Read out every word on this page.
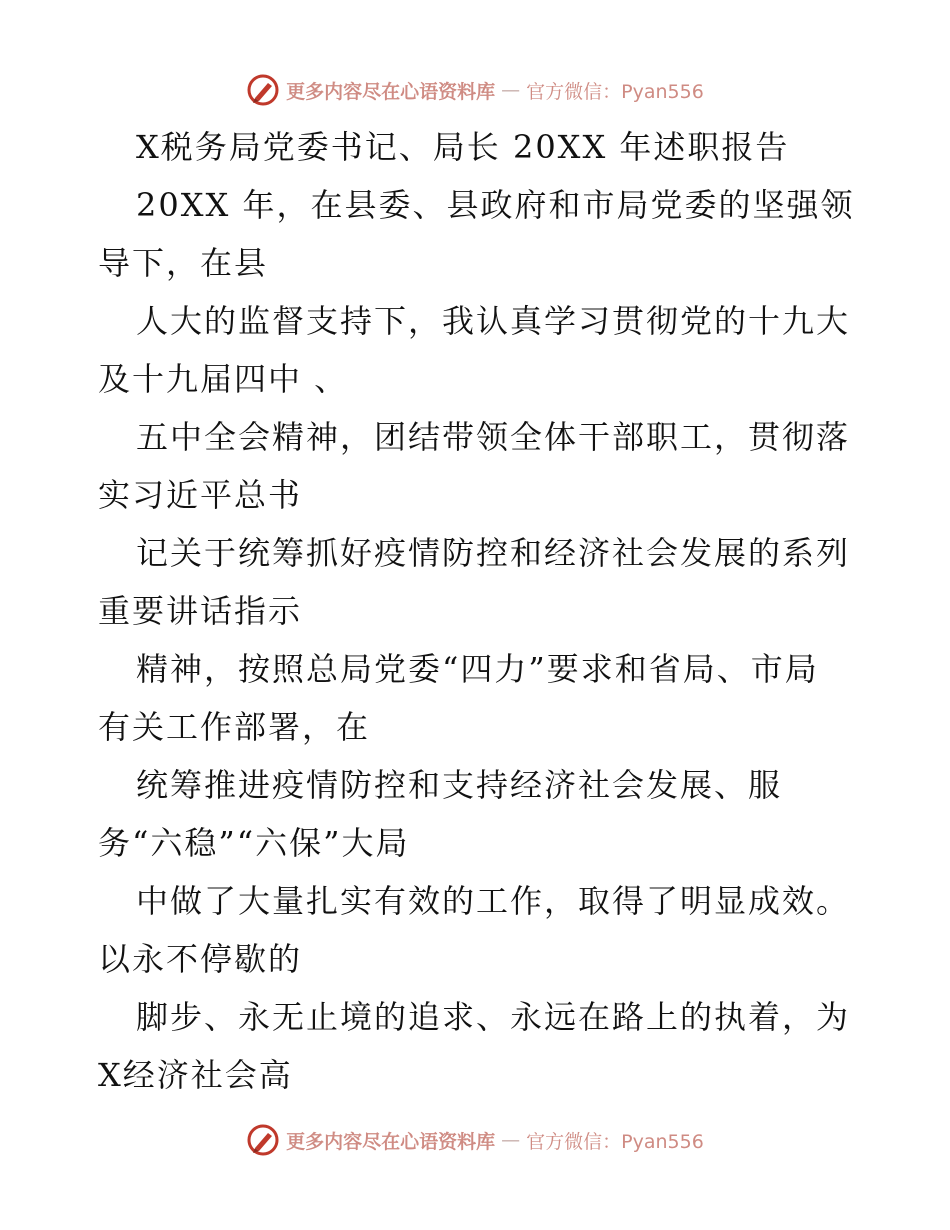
更多内容尽在心语资料库 — 官方微信：Pyan556
X税务局党委书记、局长 20XX 年述职报告
20XX 年，在县委、县政府和市局党委的坚强领
导下，在县
人大的监督支持下，我认真学习贯彻党的十九大
及十九届四中 、
五中全会精神，团结带领全体干部职工，贯彻落
实习近平总书
记关于统筹抓好疫情防控和经济社会发展的系列
重要讲话指示
精神，按照总局党委“四力”要求和省局、市局
有关工作部署，在
统筹推进疫情防控和支持经济社会发展、服
务“六稳”“六保”大局
中做了大量扎实有效的工作，取得了明显成效。
以永不停歇的
脚步、永无止境的追求、永远在路上的执着，为
X经济社会高
更多内容尽在心语资料库 — 官方微信：Pyan556
